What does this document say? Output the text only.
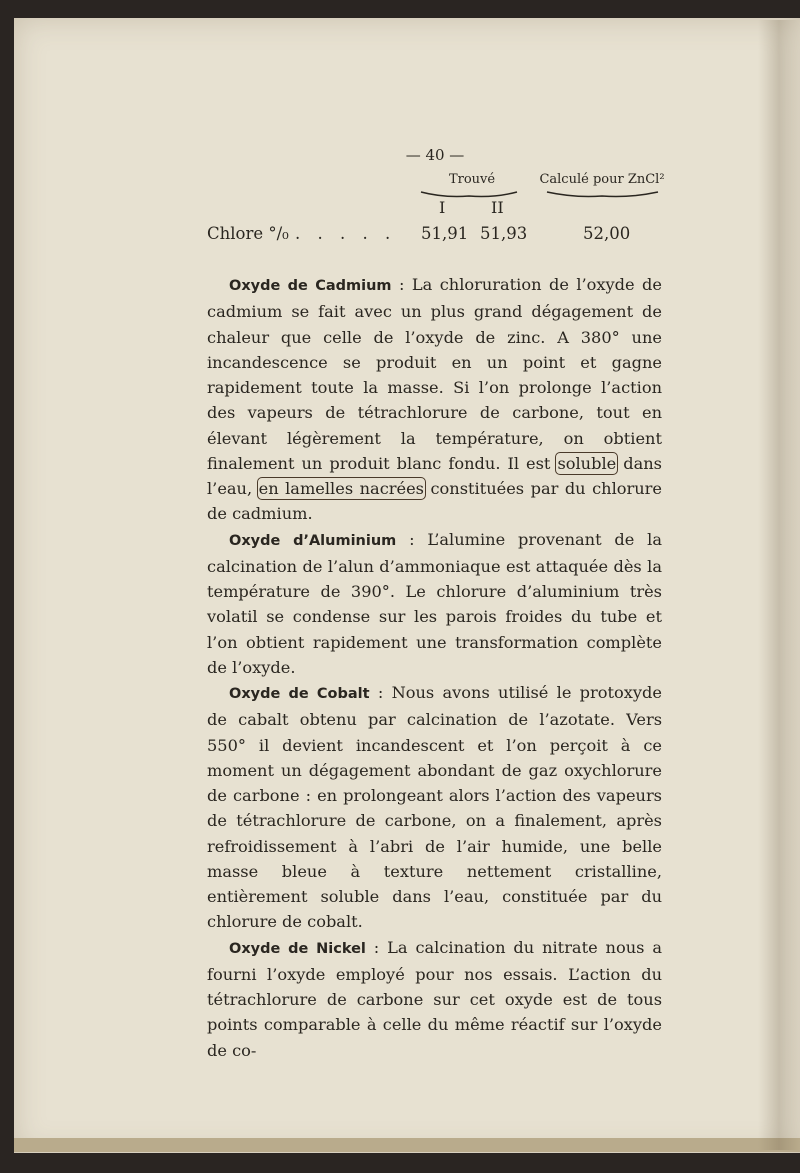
— 40 —
Trouvé	Calculé pour ZnCl²
I	II
Chlore °/₀ . . . . . 51,91 51,93	52,00

Oxyde de Cadmium : La chloruration de l’oxyde de cadmium se fait avec un plus grand dégagement de chaleur que celle de l’oxyde de zinc. A 380° une incandescence se produit en un point et gagne rapidement toute la masse. Si l’on prolonge l’action des vapeurs de tétrachlorure de carbone, tout en élevant légèrement la température, on obtient finalement un produit blanc fondu. Il est soluble dans l’eau, en lamelles nacrées constituées par du chlorure de cadmium.

Oxyde d’Aluminium : L’alumine provenant de la calcination de l’alun d’ammoniaque est attaquée dès la température de 390°. Le chlorure d’aluminium très volatil se condense sur les parois froides du tube et l’on obtient rapidement une transformation complète de l’oxyde.

Oxyde de Cobalt : Nous avons utilisé le protoxyde de cabalt obtenu par calcination de l’azotate. Vers 550° il devient incandescent et l’on perçoit à ce moment un dégagement abondant de gaz oxychlorure de carbone : en prolongeant alors l’action des vapeurs de tétrachlorure de carbone, on a finalement, après refroidissement à l’abri de l’air humide, une belle masse bleue à texture nettement cristalline, entièrement soluble dans l’eau, constituée par du chlorure de cobalt.

Oxyde de Nickel : La calcination du nitrate nous a fourni l’oxyde employé pour nos essais. L’action du tétrachlorure de carbone sur cet oxyde est de tous points comparable à celle du même réactif sur l’oxyde de co-
